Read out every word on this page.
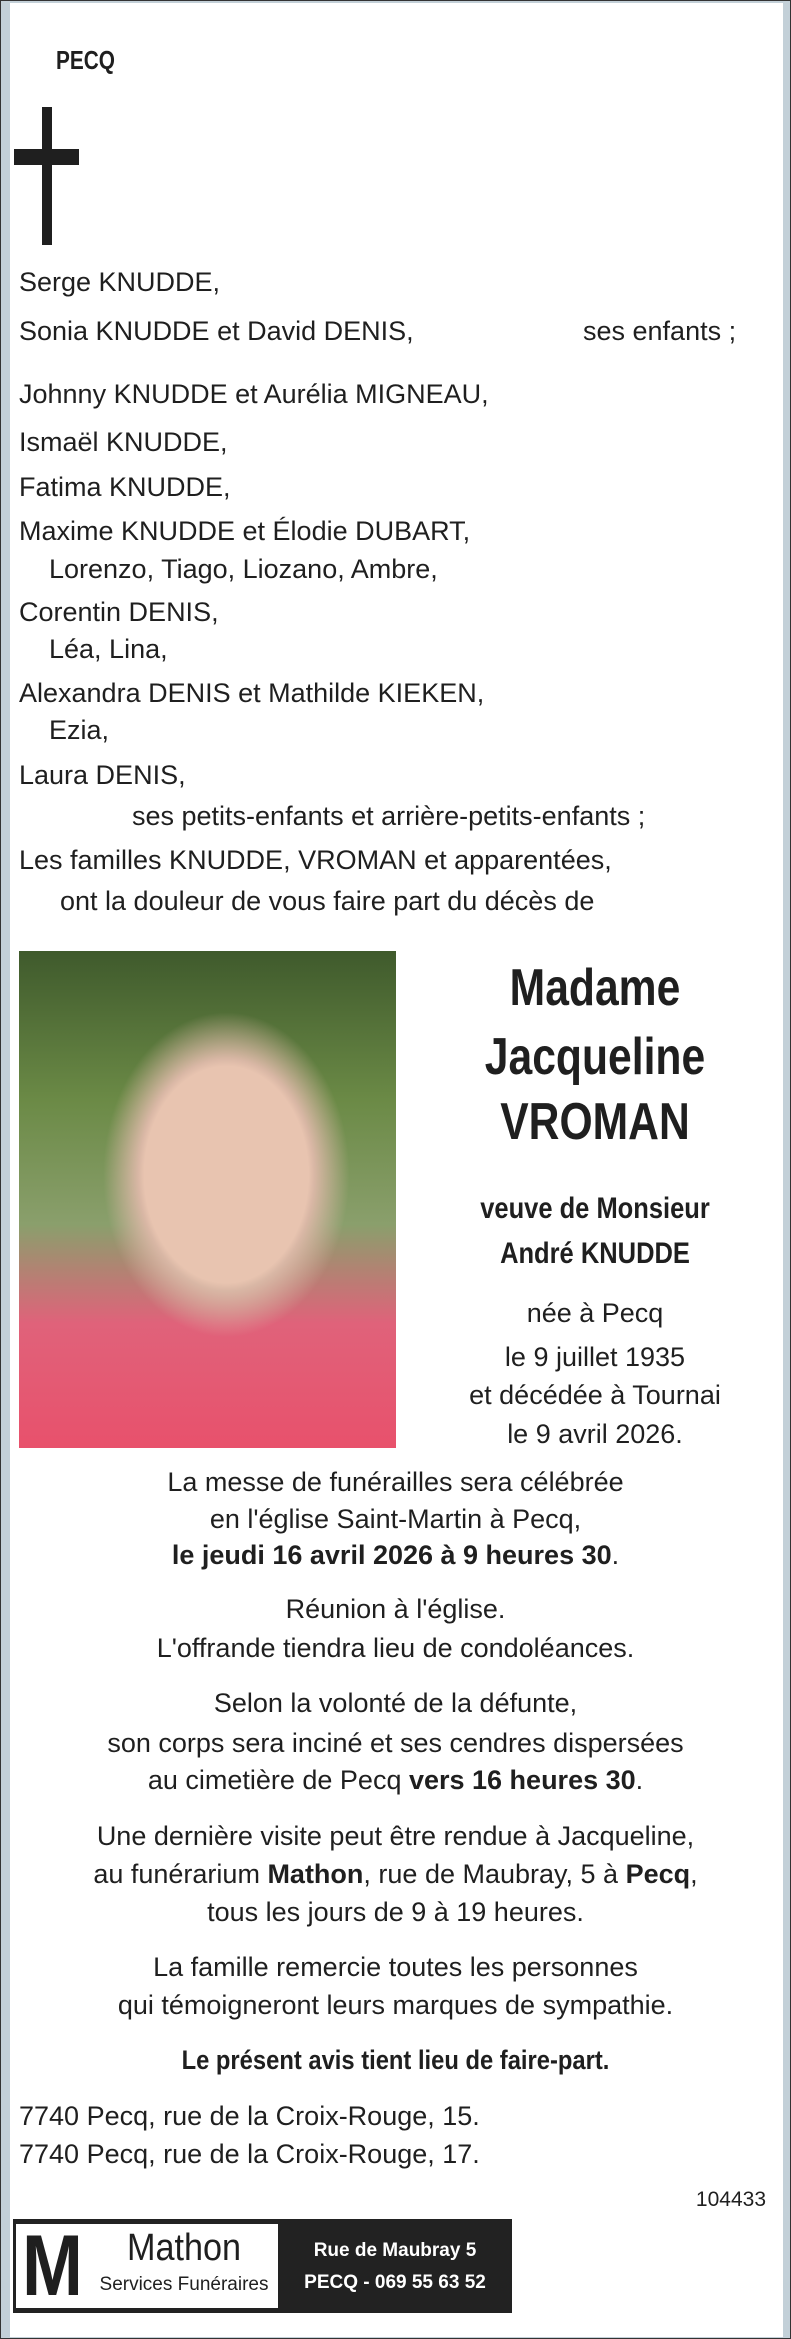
PECQ
Serge KNUDDE,
Sonia KNUDDE et David DENIS,	ses enfants ;
Johnny KNUDDE et Aurélia MIGNEAU,
Ismaël KNUDDE,
Fatima KNUDDE,
Maxime KNUDDE et Élodie DUBART,
Lorenzo, Tiago, Liozano, Ambre,
Corentin DENIS,
Léa, Lina,
Alexandra DENIS et Mathilde KIEKEN,
Ezia,
Laura DENIS,
ses petits-enfants et arrière-petits-enfants ;
Les familles KNUDDE, VROMAN et apparentées,
ont la douleur de vous faire part du décès de
Madame
Jacqueline
VROMAN
veuve de Monsieur
André KNUDDE
née à Pecq
le 9 juillet 1935
et décédée à Tournai
le 9 avril 2026.
La messe de funérailles sera célébrée
en l'église Saint-Martin à Pecq,
le jeudi 16 avril 2026 à 9 heures 30.
Réunion à l'église.
L'offrande tiendra lieu de condoléances.
Selon la volonté de la défunte,
son corps sera inciné et ses cendres dispersées
au cimetière de Pecq vers 16 heures 30.
Une dernière visite peut être rendue à Jacqueline,
au funérarium Mathon, rue de Maubray, 5 à Pecq,
tous les jours de 9 à 19 heures.
La famille remercie toutes les personnes
qui témoigneront leurs marques de sympathie.
Le présent avis tient lieu de faire-part.
7740 Pecq, rue de la Croix-Rouge, 15.
7740 Pecq, rue de la Croix-Rouge, 17.
104433
M	Mathon
Services Funéraires
Rue de Maubray 5
PECQ - 069 55 63 52
